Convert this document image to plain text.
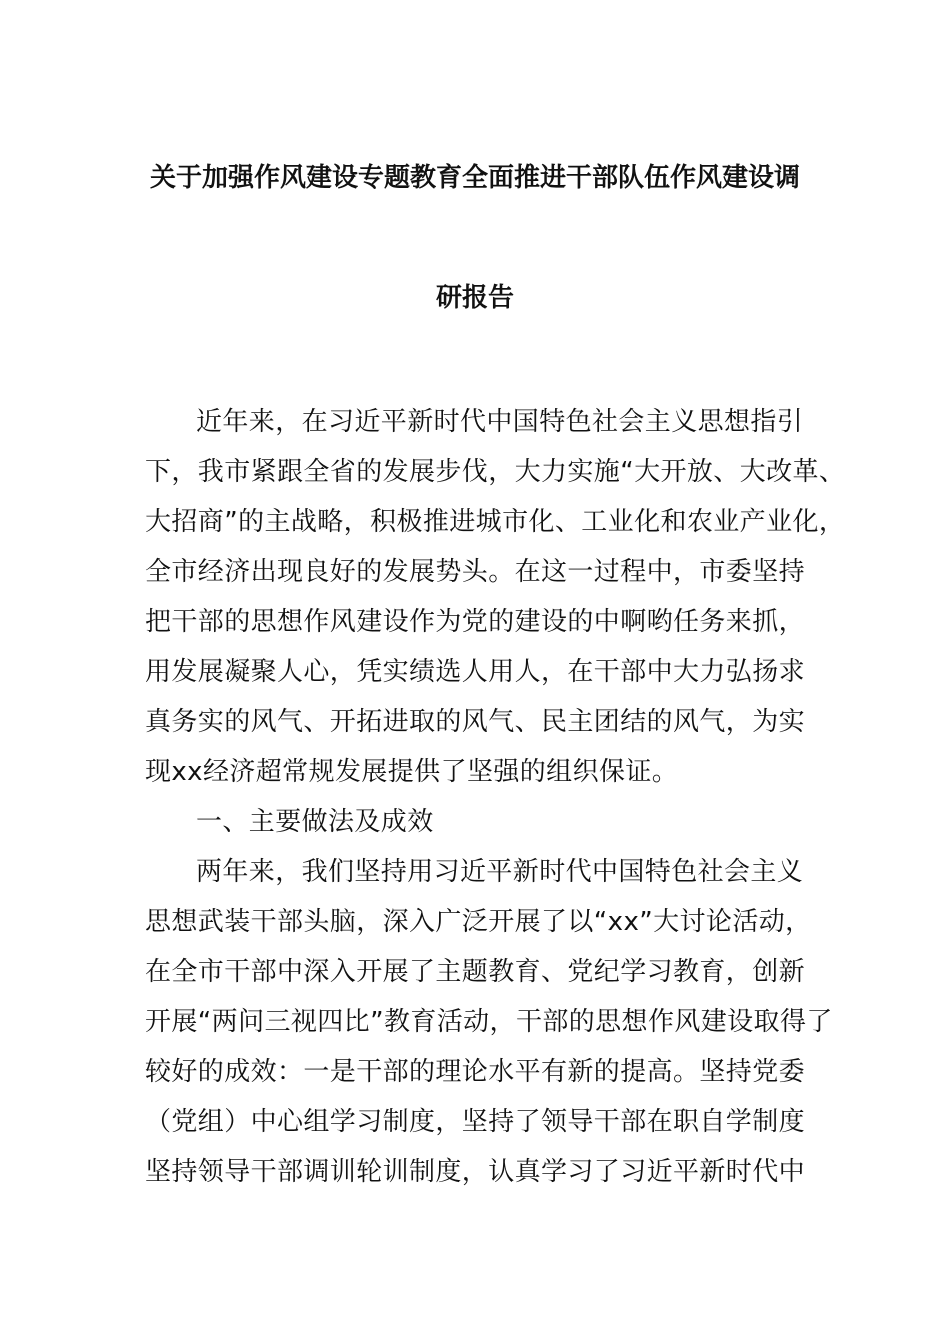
关于加强作风建设专题教育全面推进干部队伍作风建设调
研报告
近年来，在习近平新时代中国特色社会主义思想指引
下，我市紧跟全省的发展步伐，大力实施“大开放、大改革、
大招商”的主战略，积极推进城市化、工业化和农业产业化，
全市经济出现良好的发展势头。在这一过程中，市委坚持
把干部的思想作风建设作为党的建设的中啊哟任务来抓，
用发展凝聚人心，凭实绩选人用人，在干部中大力弘扬求
真务实的风气、开拓进取的风气、民主团结的风气，为实
现xx经济超常规发展提供了坚强的组织保证。
一、主要做法及成效
两年来，我们坚持用习近平新时代中国特色社会主义
思想武装干部头脑，深入广泛开展了以“xx”大讨论活动，
在全市干部中深入开展了主题教育、党纪学习教育，创新
开展“两问三视四比”教育活动，干部的思想作风建设取得了
较好的成效：一是干部的理论水平有新的提高。坚持党委
（党组）中心组学习制度，坚持了领导干部在职自学制度
坚持领导干部调训轮训制度，认真学习了习近平新时代中
